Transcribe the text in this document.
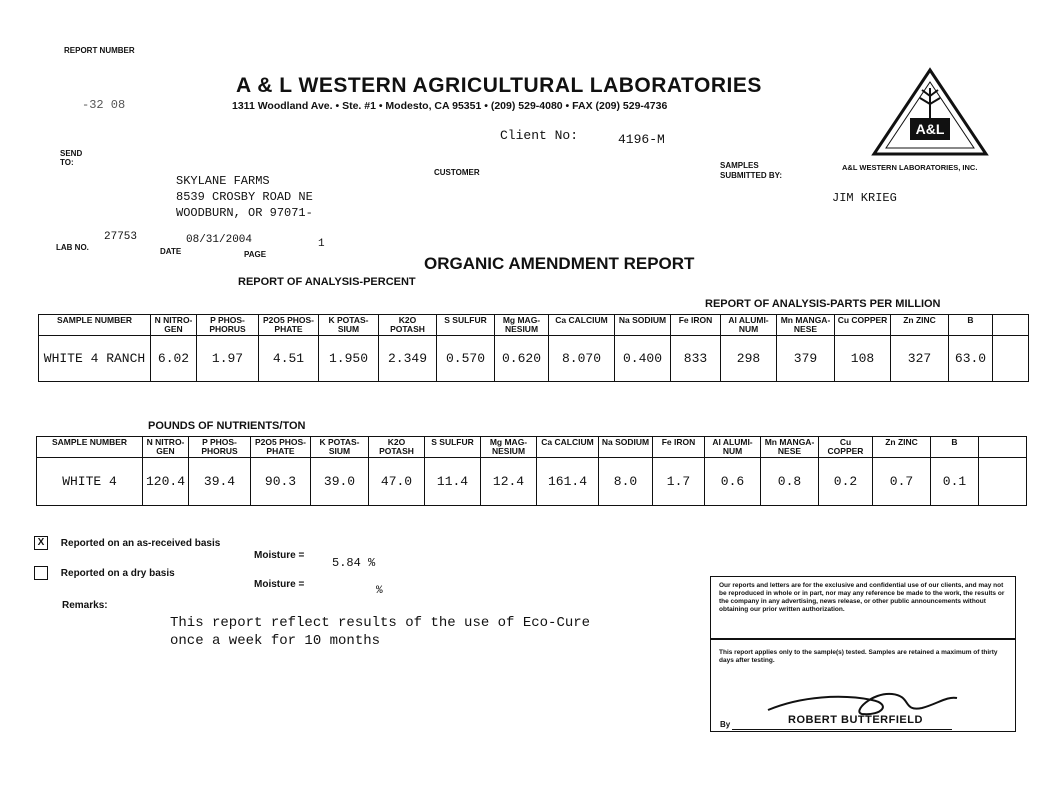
REPORT NUMBER
-32 08
A & L WESTERN AGRICULTURAL LABORATORIES
1311 Woodland Ave. • Ste. #1 • Modesto, CA 95351 • (209) 529-4080 • FAX (209) 529-4736
Client No:	4196-M
A&L
A&L WESTERN LABORATORIES, INC.
SEND TO:
SKYLANE FARMS
8539 CROSBY ROAD NE
WOODBURN, OR 97071-
CUSTOMER
SAMPLES SUBMITTED BY:
JIM KRIEG
27753	08/31/2004	1
LAB NO.	DATE	PAGE	ORGANIC AMENDMENT REPORT
REPORT OF ANALYSIS-PERCENT
REPORT OF ANALYSIS-PARTS PER MILLION
SAMPLE NUMBER	N NITRO-GEN	P PHOS-PHORUS	P2O5 PHOS-PHATE	K POTAS-SIUM	K2O POTASH	S SULFUR	Mg MAG-NESIUM	Ca CALCIUM	Na SODIUM	Fe IRON	Al ALUMI-NUM	Mn MANGA-NESE	Cu COPPER	Zn ZINC	B	
WHITE 4 RANCH	6.02	1.97	4.51	1.950	2.349	0.570	0.620	8.070	0.400	833	298	379	108	327	63.0	
POUNDS OF NUTRIENTS/TON
SAMPLE NUMBER	N NITRO-GEN	P PHOS-PHORUS	P2O5 PHOS-PHATE	K POTAS-SIUM	K2O POTASH	S SULFUR	Mg MAG-NESIUM	Ca CALCIUM	Na SODIUM	Fe IRON	Al ALUMI-NUM	Mn MANGA-NESE	Cu COPPER	Zn ZINC	B	
WHITE 4	120.4	39.4	90.3	39.0	47.0	11.4	12.4	161.4	8.0	1.7	0.6	0.8	0.2	0.7	0.1	
X Reported on an as-received basis
Moisture =
5.84 %
Reported on a dry basis
Moisture =
%
Remarks:
This report reflect results of the use of Eco-Cure
once a week for 10 months
Our reports and letters are for the exclusive and confidential use of our clients, and may not be reproduced in whole or in part, nor may any reference be made to the work, the results or the company in any advertising, news release, or other public announcements without obtaining our prior written authorization.
This report applies only to the sample(s) tested. Samples are retained a maximum of thirty days after testing.
By	ROBERT BUTTERFIELD
